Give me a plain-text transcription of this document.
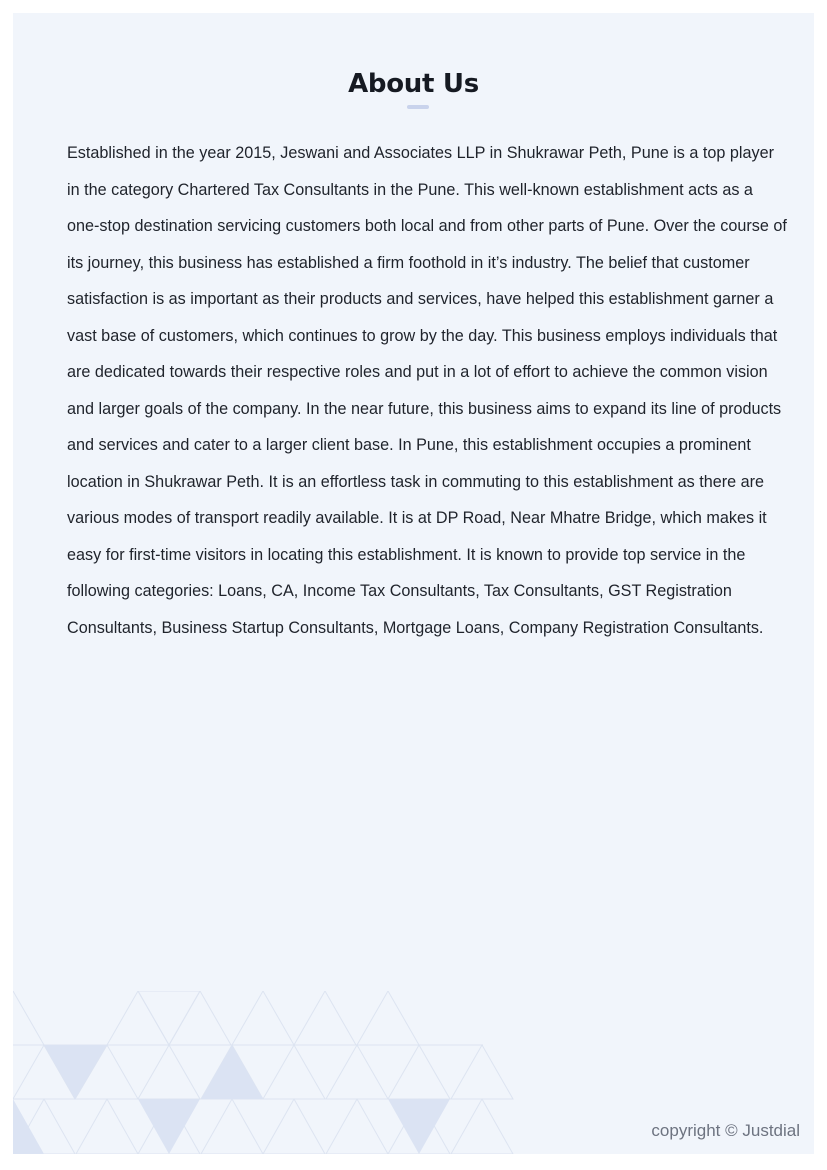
About Us

Established in the year 2015, Jeswani and Associates LLP in Shukrawar Peth, Pune is a top player in the category Chartered Tax Consultants in the Pune. This well-known establishment acts as a one-stop destination servicing customers both local and from other parts of Pune. Over the course of its journey, this business has established a firm foothold in it’s industry. The belief that customer satisfaction is as important as their products and services, have helped this establishment garner a vast base of customers, which continues to grow by the day. This business employs individuals that are dedicated towards their respective roles and put in a lot of effort to achieve the common vision and larger goals of the company. In the near future, this business aims to expand its line of products and services and cater to a larger client base. In Pune, this establishment occupies a prominent location in Shukrawar Peth. It is an effortless task in commuting to this establishment as there are various modes of transport readily available. It is at DP Road, Near Mhatre Bridge, which makes it easy for first-time visitors in locating this establishment. It is known to provide top service in the following categories: Loans, CA, Income Tax Consultants, Tax Consultants, GST Registration Consultants, Business Startup Consultants, Mortgage Loans, Company Registration Consultants.

copyright © Justdial
